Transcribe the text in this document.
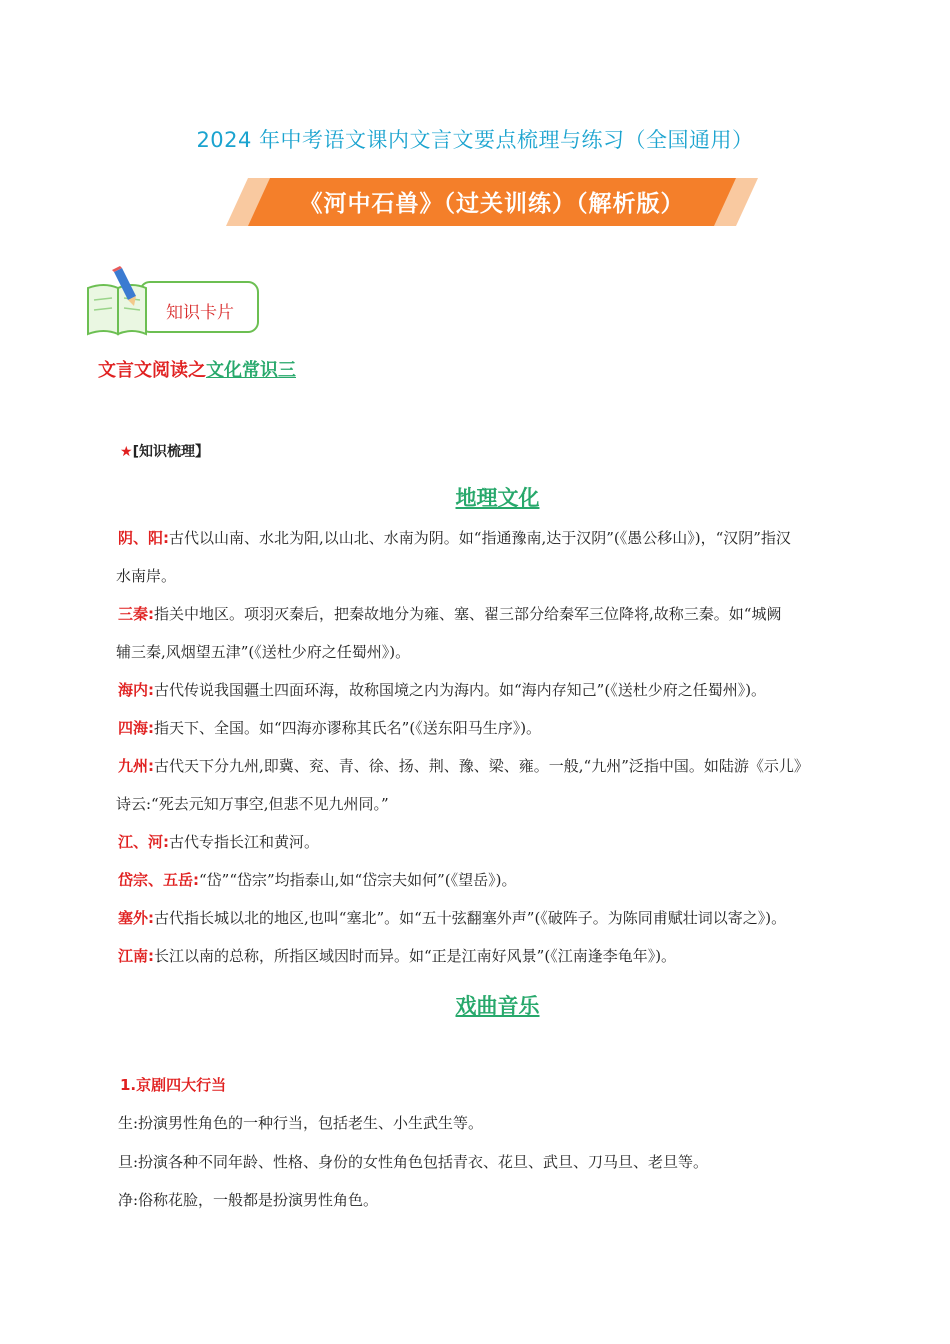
2024 年中考语文课内文言文要点梳理与练习（全国通用）
《河中石兽》（过关训练）（解析版）
知识卡片
文言文阅读之文化常识三
★[知识梳理】
地理文化
阴、阳:古代以山南、水北为阳,以山北、水南为阴。如“指通豫南,达于汉阴”(《愚公移山》)，“汉阴”指汉
水南岸。
三秦:指关中地区。项羽灭秦后，把秦故地分为雍、塞、翟三部分给秦军三位降将,故称三秦。如“城阙
辅三秦,风烟望五津”(《送杜少府之任蜀州》)。
海内:古代传说我国疆土四面环海，故称国境之内为海内。如“海内存知己”(《送杜少府之任蜀州》)。
四海:指天下、全国。如“四海亦谬称其氏名”(《送东阳马生序》)。
九州:古代天下分九州,即冀、兖、青、徐、扬、荆、豫、梁、雍。一般,“九州”泛指中国。如陆游《示儿》
诗云:“死去元知万事空,但悲不见九州同。”
江、河:古代专指长江和黄河。
岱宗、五岳:“岱”“岱宗”均指泰山,如“岱宗夫如何”(《望岳》)。
塞外:古代指长城以北的地区,也叫“塞北”。如“五十弦翻塞外声”(《破阵子。为陈同甫赋壮词以寄之》)。
江南:长江以南的总称，所指区域因时而异。如“正是江南好风景”(《江南逢李龟年》)。
戏曲音乐
1.京剧四大行当
生:扮演男性角色的一种行当，包括老生、小生武生等。
旦:扮演各种不同年龄、性格、身份的女性角色包括青衣、花旦、武旦、刀马旦、老旦等。
净:俗称花脸，一般都是扮演男性角色。
